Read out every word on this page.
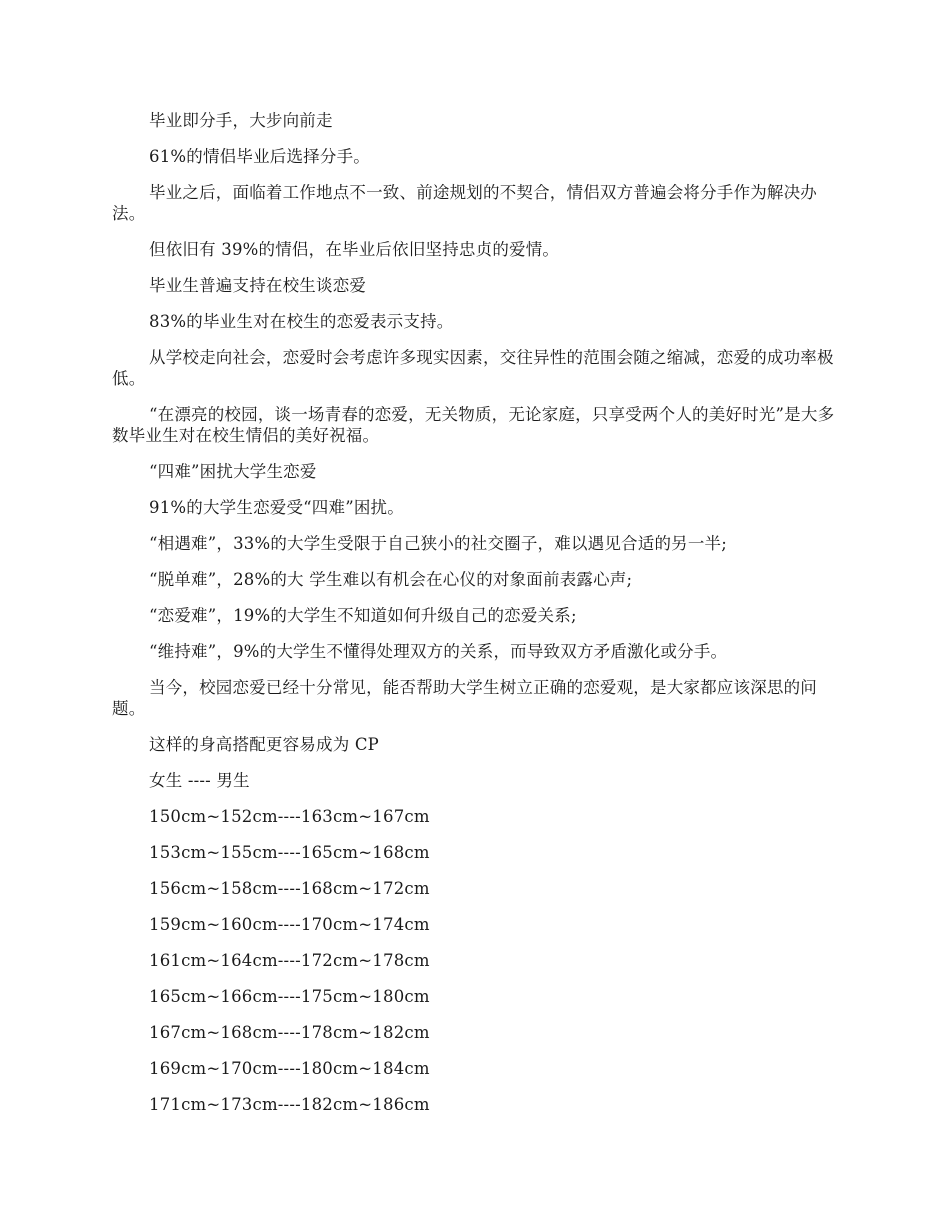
毕业即分手，大步向前走

61%的情侣毕业后选择分手。

毕业之后，面临着工作地点不一致、前途规划的不契合，情侣双方普遍会将分手作为解决办法。

但依旧有 39%的情侣，在毕业后依旧坚持忠贞的爱情。

毕业生普遍支持在校生谈恋爱

83%的毕业生对在校生的恋爱表示支持。

从学校走向社会，恋爱时会考虑许多现实因素，交往异性的范围会随之缩减，恋爱的成功率极低。

“在漂亮的校园，谈一场青春的恋爱，无关物质，无论家庭，只享受两个人的美好时光”是大多数毕业生对在校生情侣的美好祝福。

“四难”困扰大学生恋爱

91%的大学生恋爱受“四难”困扰。

“相遇难”，33%的大学生受限于自己狭小的社交圈子，难以遇见合适的另一半;

“脱单难”，28%的大 学生难以有机会在心仪的对象面前表露心声;

“恋爱难”，19%的大学生不知道如何升级自己的恋爱关系;

“维持难”，9%的大学生不懂得处理双方的关系，而导致双方矛盾激化或分手。

当今，校园恋爱已经十分常见，能否帮助大学生树立正确的恋爱观，是大家都应该深思的问题。

这样的身高搭配更容易成为 CP

女生 ---- 男生

150cm~152cm----163cm~167cm

153cm~155cm----165cm~168cm

156cm~158cm----168cm~172cm

159cm~160cm----170cm~174cm

161cm~164cm----172cm~178cm

165cm~166cm----175cm~180cm

167cm~168cm----178cm~182cm

169cm~170cm----180cm~184cm

171cm~173cm----182cm~186cm
